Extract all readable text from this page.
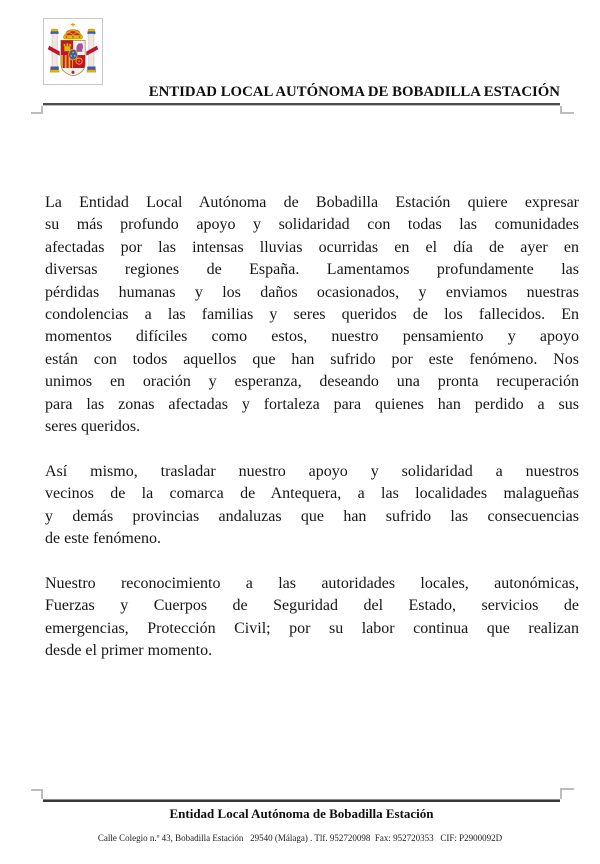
ENTIDAD LOCAL AUTÓNOMA DE BOBADILLA ESTACIÓN
La Entidad Local Autónoma de Bobadilla Estación quiere expresar
su más profundo apoyo y solidaridad con todas las comunidades
afectadas por las intensas lluvias ocurridas en el día de ayer en
diversas regiones de España. Lamentamos profundamente las
pérdidas humanas y los daños ocasionados, y enviamos nuestras
condolencias a las familias y seres queridos de los fallecidos. En
momentos difíciles como estos, nuestro pensamiento y apoyo
están con todos aquellos que han sufrido por este fenómeno. Nos
unimos en oración y esperanza, deseando una pronta recuperación
para las zonas afectadas y fortaleza para quienes han perdido a sus
seres queridos.
Así mismo, trasladar nuestro apoyo y solidaridad a nuestros
vecinos de la comarca de Antequera, a las localidades malagueñas
y demás provincias andaluzas que han sufrido las consecuencias
de este fenómeno.
Nuestro reconocimiento a las autoridades locales, autonómicas,
Fuerzas y Cuerpos de Seguridad del Estado, servicios de
emergencias, Protección Civil; por su labor continua que realizan
desde el primer momento.
Entidad Local Autónoma de Bobadilla Estación
Calle Colegio n.º 43, Bobadilla Estación   29540 (Málaga) . Tlf. 952720098  Fax: 952720353   CIF: P2900092D
